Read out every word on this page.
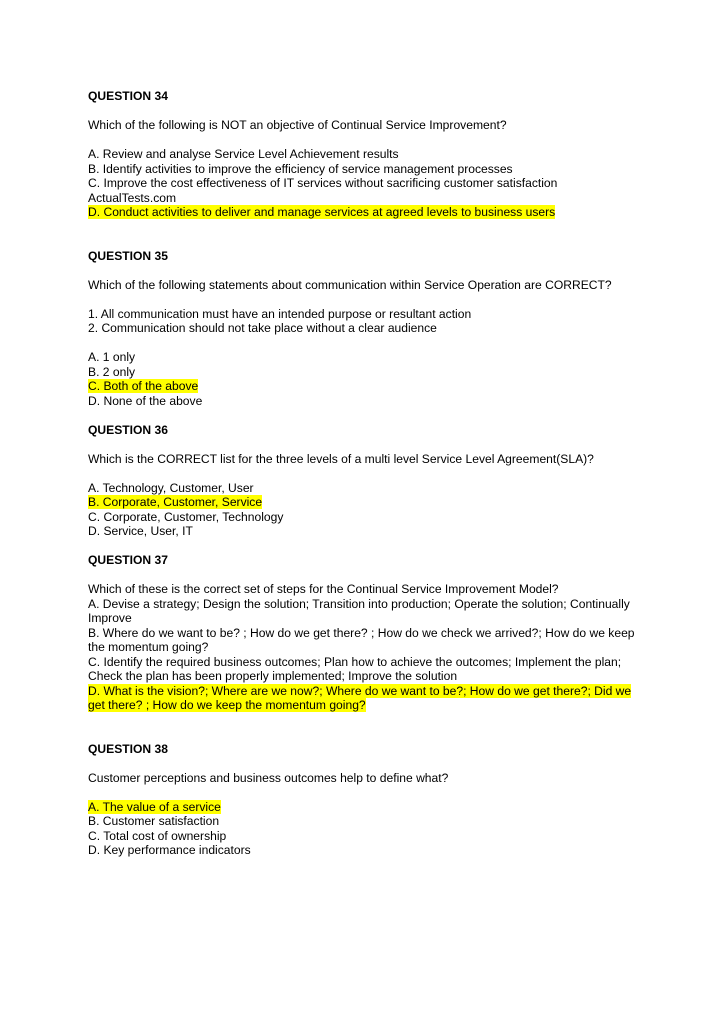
QUESTION 34

Which of the following is NOT an objective of Continual Service Improvement?

A. Review and analyse Service Level Achievement results

B. Identify activities to improve the efficiency of service management processes

C. Improve the cost effectiveness of IT services without sacrificing customer satisfaction

ActualTests.com

D. Conduct activities to deliver and manage services at agreed levels to business users

QUESTION 35

Which of the following statements about communication within Service Operation are CORRECT?

1. All communication must have an intended purpose or resultant action

2. Communication should not take place without a clear audience

A. 1 only

B. 2 only

C. Both of the above

D. None of the above

QUESTION 36

Which is the CORRECT list for the three levels of a multi level Service Level Agreement(SLA)?

A. Technology, Customer, User

B. Corporate, Customer, Service

C. Corporate, Customer, Technology

D. Service, User, IT

QUESTION 37

Which of these is the correct set of steps for the Continual Service Improvement Model?

A. Devise a strategy; Design the solution; Transition into production; Operate the solution; Continually Improve

B. Where do we want to be? ; How do we get there? ; How do we check we arrived?; How do we keep the momentum going?

C. Identify the required business outcomes; Plan how to achieve the outcomes; Implement the plan; Check the plan has been properly implemented; Improve the solution

D. What is the vision?; Where are we now?; Where do we want to be?; How do we get there?; Did we get there? ; How do we keep the momentum going?

QUESTION 38

Customer perceptions and business outcomes help to define what?

A. The value of a service

B. Customer satisfaction

C. Total cost of ownership

D. Key performance indicators
